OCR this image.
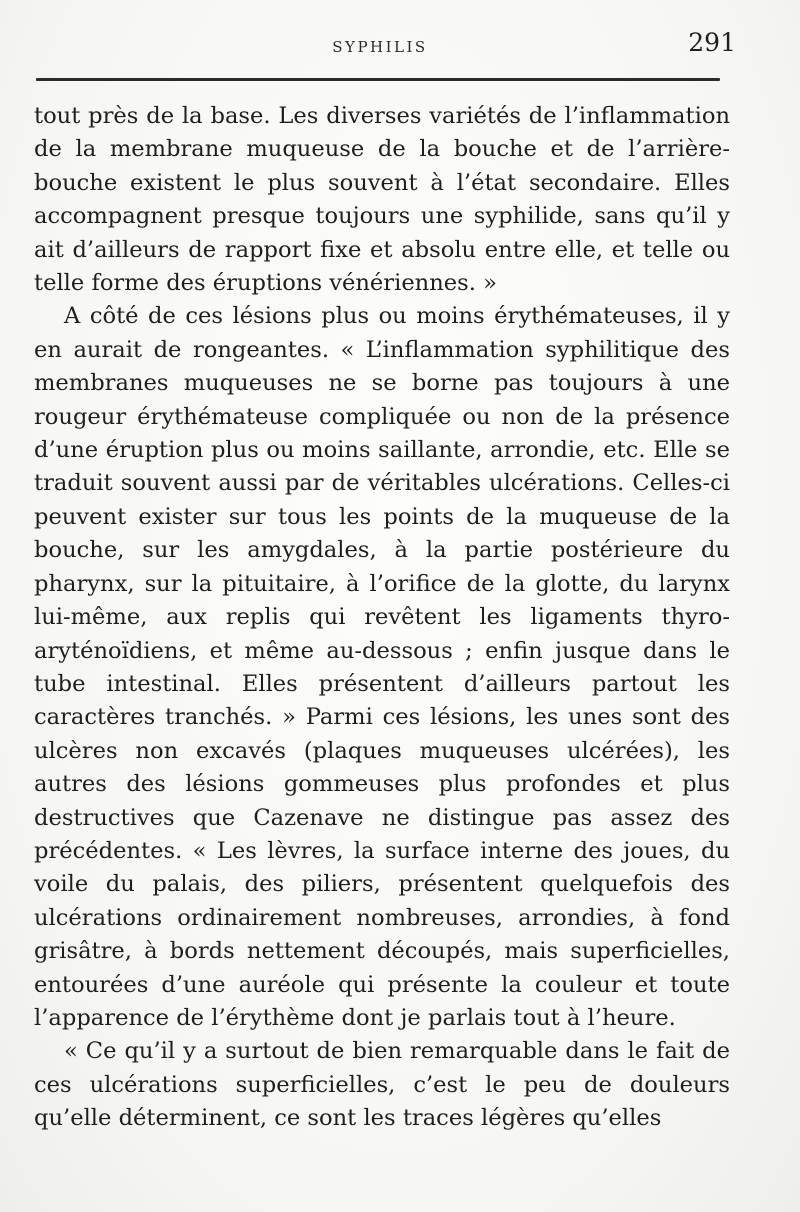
SYPHILIS	291

tout près de la base. Les diverses variétés de l’inflammation de la membrane muqueuse de la bouche et de l’arrière-bouche existent le plus souvent à l’état secondaire. Elles accompagnent presque toujours une syphilide, sans qu’il y ait d’ailleurs de rapport fixe et absolu entre elle, et telle ou telle forme des éruptions vénériennes. »

A côté de ces lésions plus ou moins érythémateuses, il y en aurait de rongeantes. « L’inflammation syphilitique des membranes muqueuses ne se borne pas toujours à une rougeur érythémateuse compliquée ou non de la présence d’une éruption plus ou moins saillante, arrondie, etc. Elle se traduit souvent aussi par de véritables ulcérations. Celles-ci peuvent exister sur tous les points de la muqueuse de la bouche, sur les amygdales, à la partie postérieure du pharynx, sur la pituitaire, à l’orifice de la glotte, du larynx lui-même, aux replis qui revêtent les ligaments thyro-aryténoïdiens, et même au-dessous ; enfin jusque dans le tube intestinal. Elles présentent d’ailleurs partout les caractères tranchés. » Parmi ces lésions, les unes sont des ulcères non excavés (plaques muqueuses ulcérées), les autres des lésions gommeuses plus profondes et plus destructives que Cazenave ne distingue pas assez des précédentes. « Les lèvres, la surface interne des joues, du voile du palais, des piliers, présentent quelquefois des ulcérations ordinairement nombreuses, arrondies, à fond grisâtre, à bords nettement découpés, mais superficielles, entourées d’une auréole qui présente la couleur et toute l’apparence de l’érythème dont je parlais tout à l’heure.

« Ce qu’il y a surtout de bien remarquable dans le fait de ces ulcérations superficielles, c’est le peu de douleurs qu’elle déterminent, ce sont les traces légères qu’elles
